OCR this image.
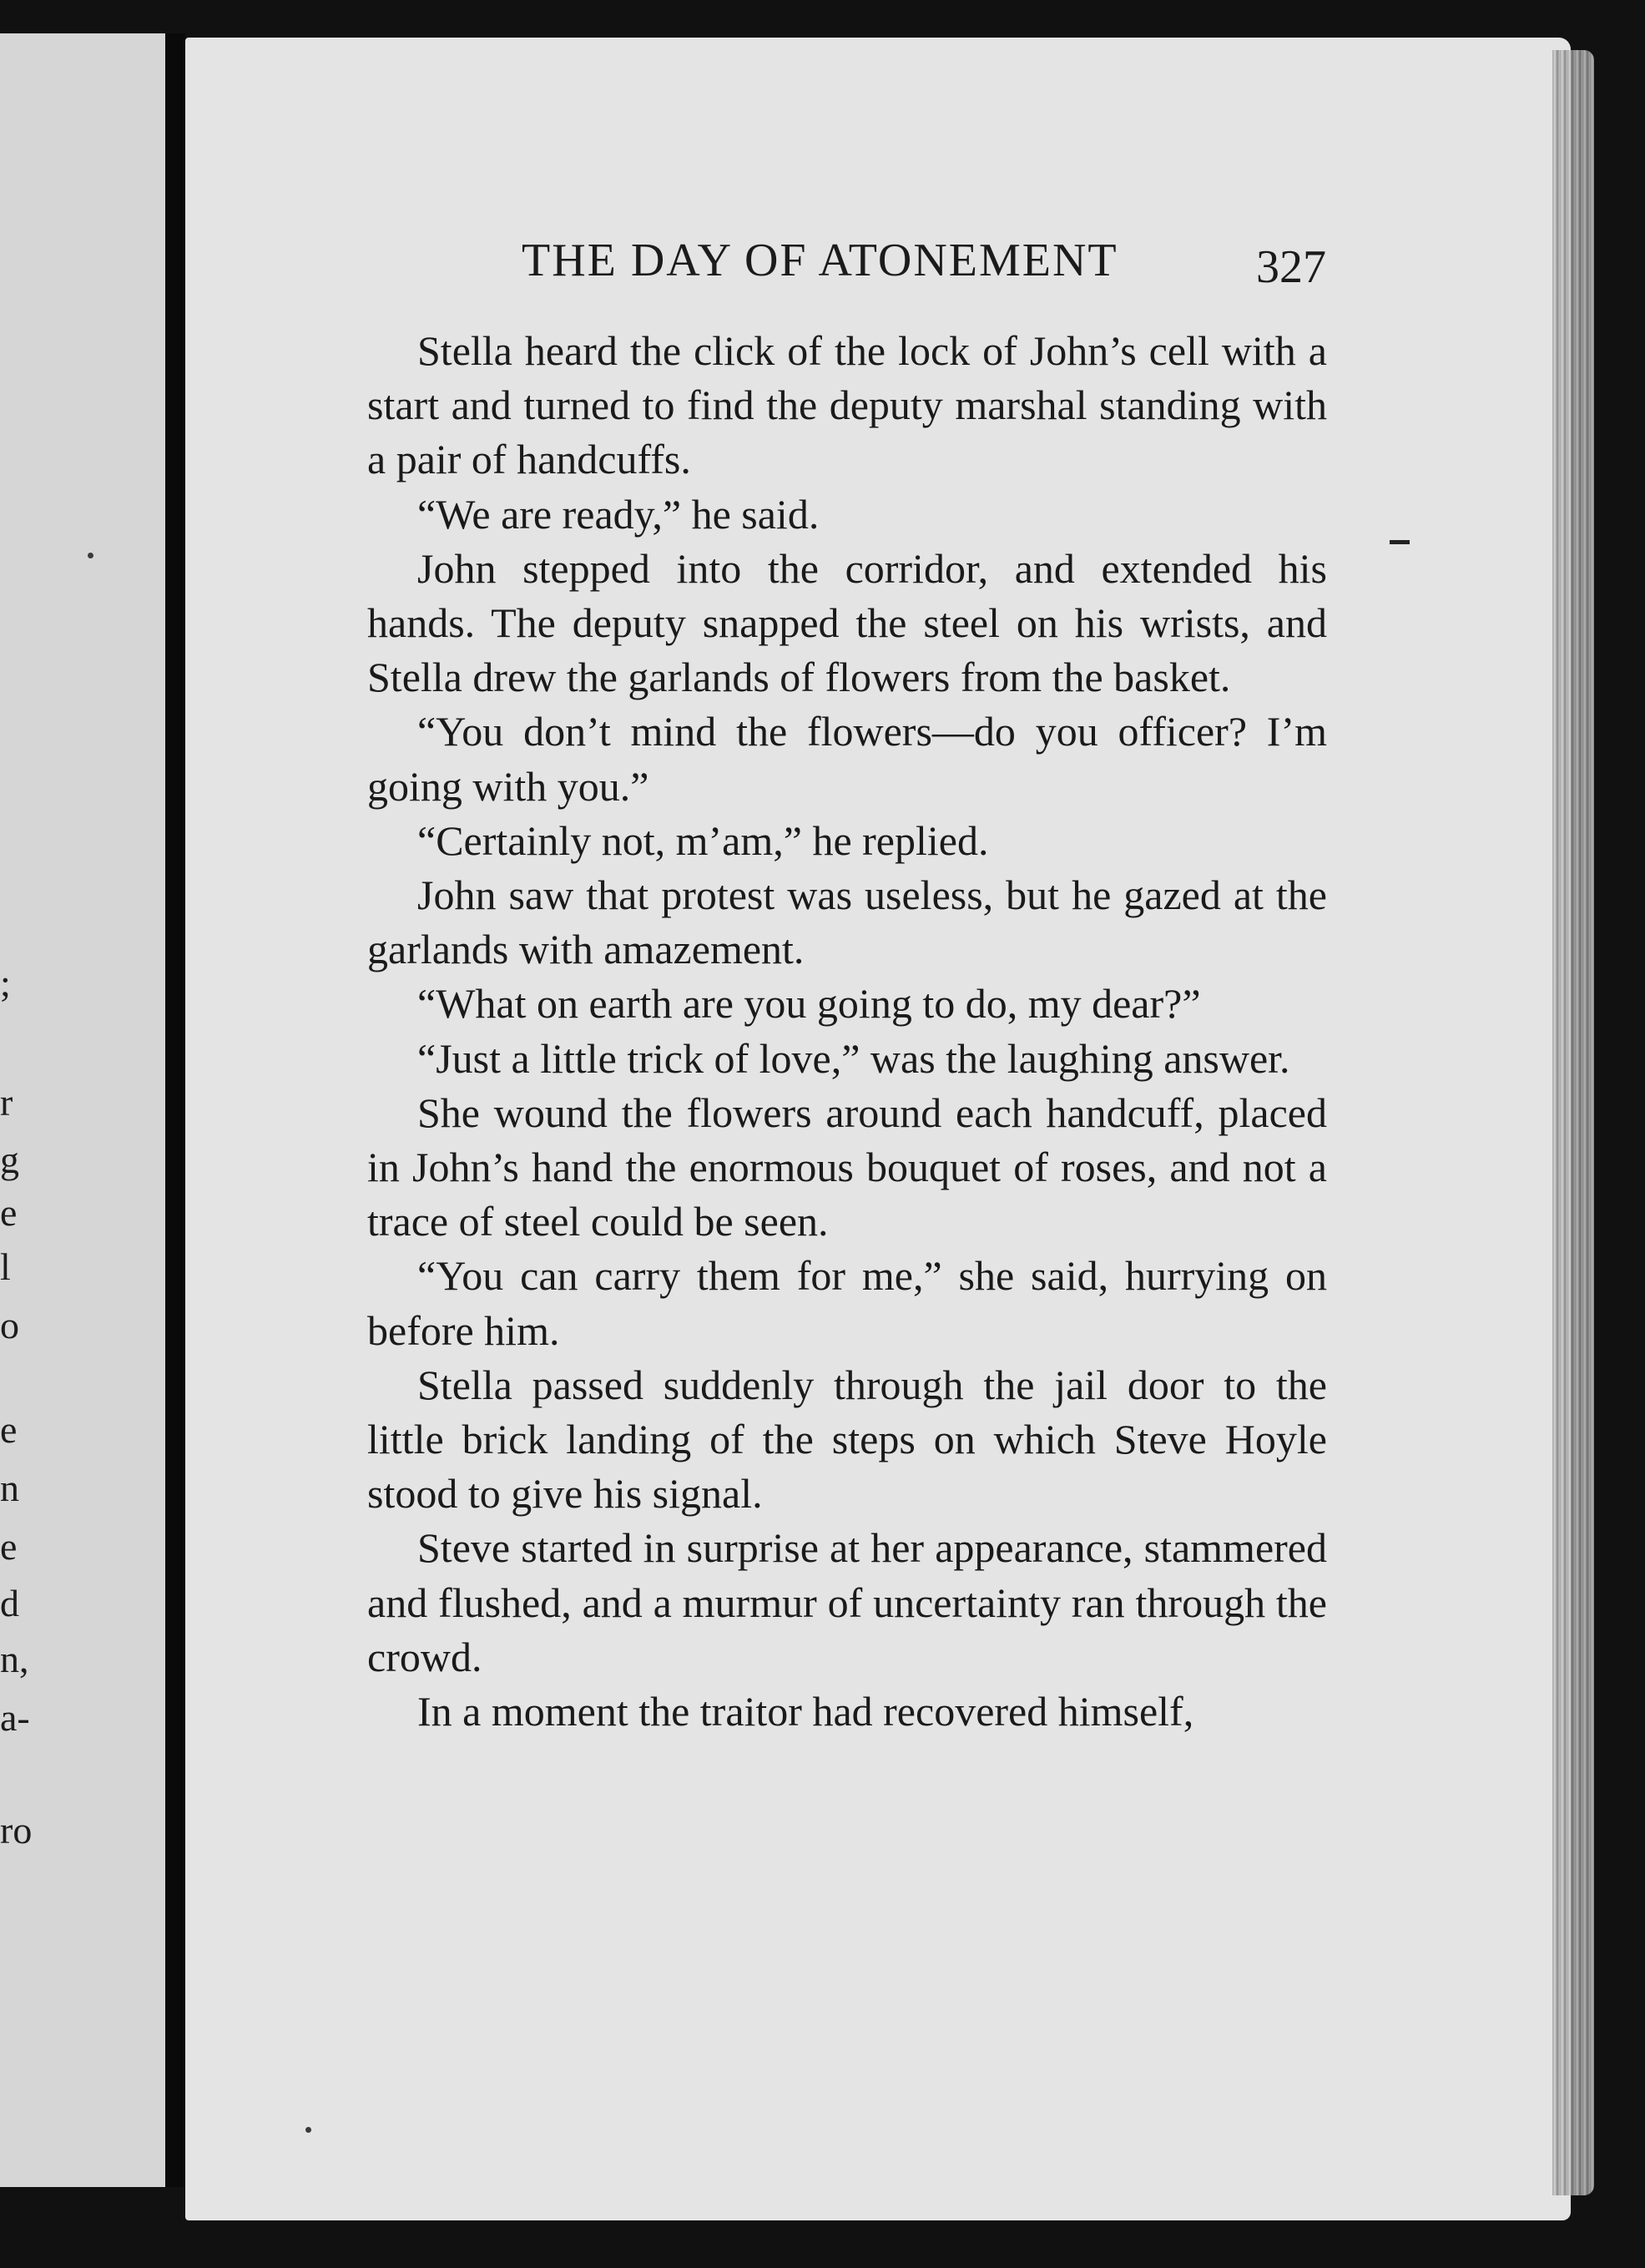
;
r
g
e
l
o
e
n
e
d
n,
a-
ro
THE DAY OF ATONEMENT	327

Stella heard the click of the lock of John’s cell with a start and turned to find the deputy marshal standing with a pair of handcuffs.

“We are ready,” he said.

John stepped into the corridor, and extended his hands. The deputy snapped the steel on his wrists, and Stella drew the garlands of flowers from the basket.

“You don’t mind the flowers—do you officer? I’m going with you.”

“Certainly not, m’am,” he replied.

John saw that protest was useless, but he gazed at the garlands with amazement.

“What on earth are you going to do, my dear?”

“Just a little trick of love,” was the laughing answer.

She wound the flowers around each handcuff, placed in John’s hand the enormous bouquet of roses, and not a trace of steel could be seen.

“You can carry them for me,” she said, hurrying on before him.

Stella passed suddenly through the jail door to the little brick landing of the steps on which Steve Hoyle stood to give his signal.

Steve started in surprise at her appearance, stammered and flushed, and a murmur of uncertainty ran through the crowd.

In a moment the traitor had recovered himself,
